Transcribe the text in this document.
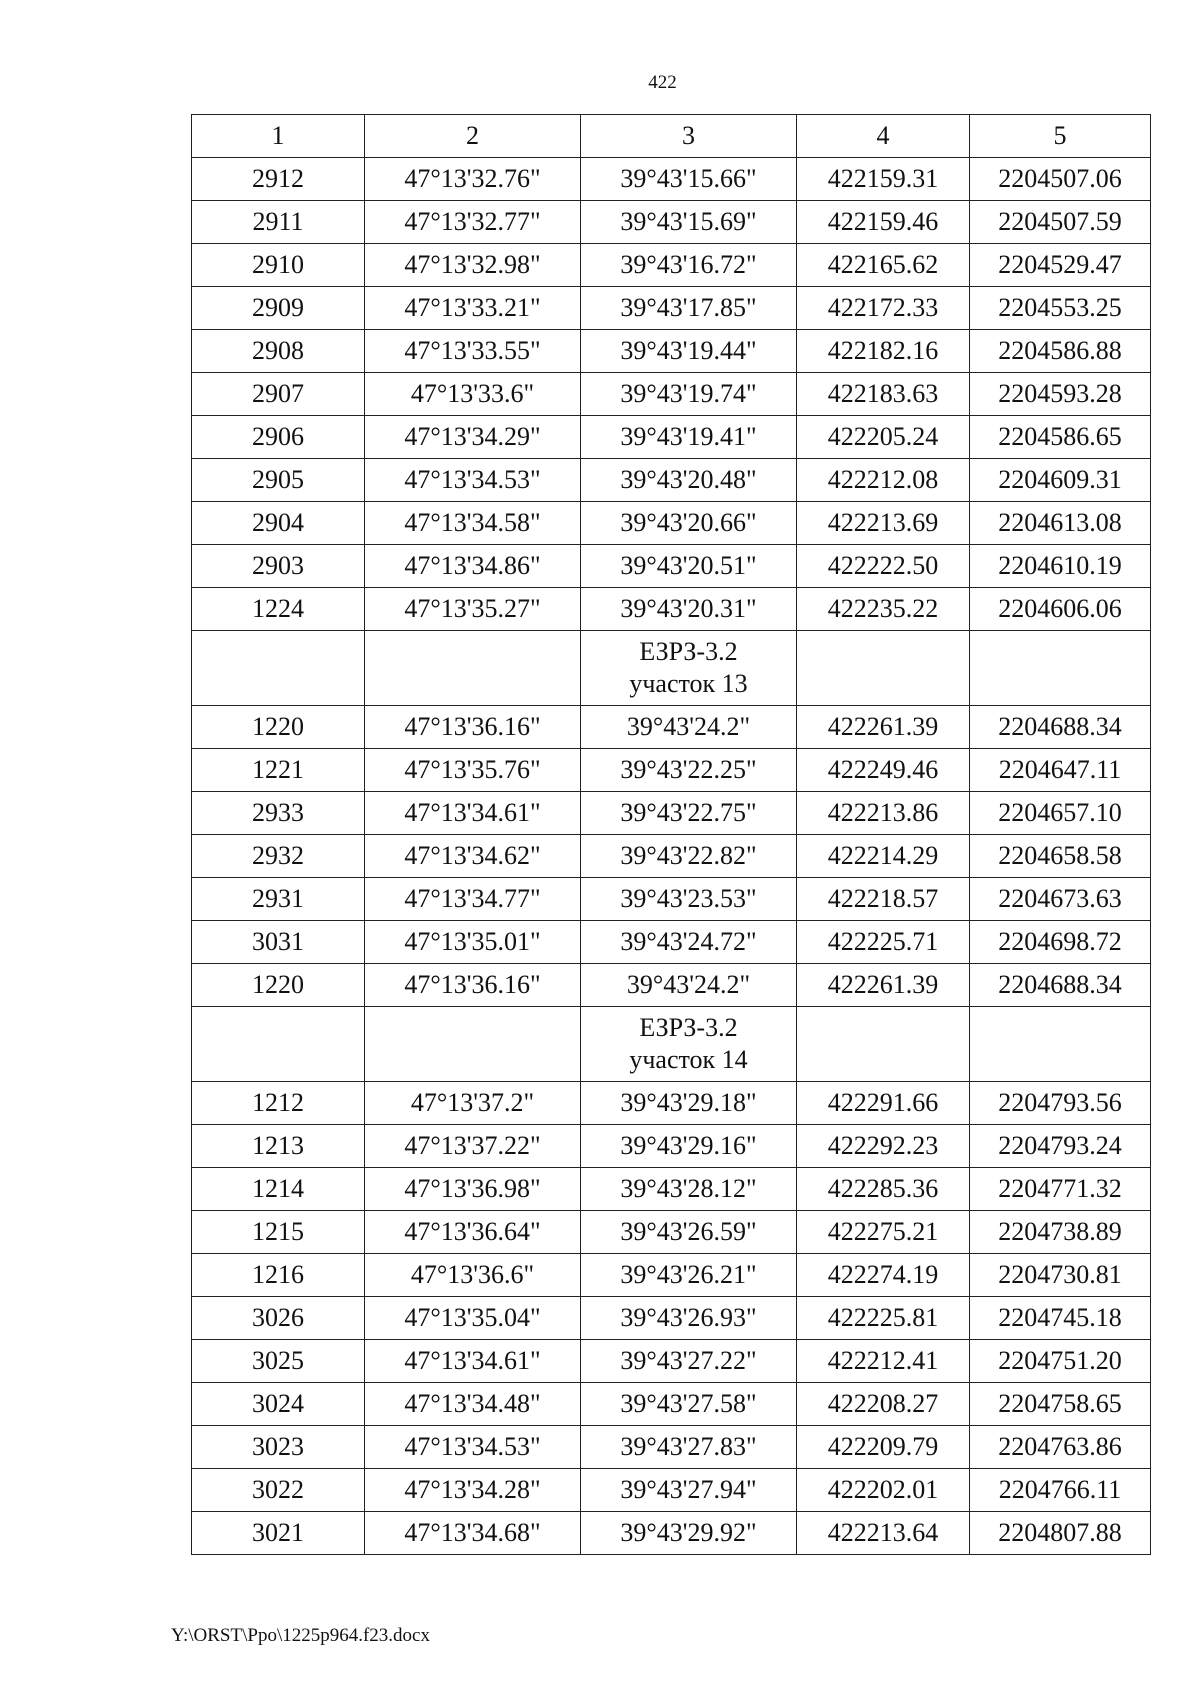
422
1	2	3	4	5
2912	47°13'32.76"	39°43'15.66"	422159.31	2204507.06
2911	47°13'32.77"	39°43'15.69"	422159.46	2204507.59
2910	47°13'32.98"	39°43'16.72"	422165.62	2204529.47
2909	47°13'33.21"	39°43'17.85"	422172.33	2204553.25
2908	47°13'33.55"	39°43'19.44"	422182.16	2204586.88
2907	47°13'33.6"	39°43'19.74"	422183.63	2204593.28
2906	47°13'34.29"	39°43'19.41"	422205.24	2204586.65
2905	47°13'34.53"	39°43'20.48"	422212.08	2204609.31
2904	47°13'34.58"	39°43'20.66"	422213.69	2204613.08
2903	47°13'34.86"	39°43'20.51"	422222.50	2204610.19
1224	47°13'35.27"	39°43'20.31"	422235.22	2204606.06

		ЕЗРЗ-3.2
участок 13		

1220	47°13'36.16"	39°43'24.2"	422261.39	2204688.34
1221	47°13'35.76"	39°43'22.25"	422249.46	2204647.11
2933	47°13'34.61"	39°43'22.75"	422213.86	2204657.10
2932	47°13'34.62"	39°43'22.82"	422214.29	2204658.58
2931	47°13'34.77"	39°43'23.53"	422218.57	2204673.63
3031	47°13'35.01"	39°43'24.72"	422225.71	2204698.72
1220	47°13'36.16"	39°43'24.2"	422261.39	2204688.34

		ЕЗРЗ-3.2
участок 14		

1212	47°13'37.2"	39°43'29.18"	422291.66	2204793.56
1213	47°13'37.22"	39°43'29.16"	422292.23	2204793.24
1214	47°13'36.98"	39°43'28.12"	422285.36	2204771.32
1215	47°13'36.64"	39°43'26.59"	422275.21	2204738.89
1216	47°13'36.6"	39°43'26.21"	422274.19	2204730.81
3026	47°13'35.04"	39°43'26.93"	422225.81	2204745.18
3025	47°13'34.61"	39°43'27.22"	422212.41	2204751.20
3024	47°13'34.48"	39°43'27.58"	422208.27	2204758.65
3023	47°13'34.53"	39°43'27.83"	422209.79	2204763.86
3022	47°13'34.28"	39°43'27.94"	422202.01	2204766.11
3021	47°13'34.68"	39°43'29.92"	422213.64	2204807.88
Y:\ORST\Ppo\1225p964.f23.docx
